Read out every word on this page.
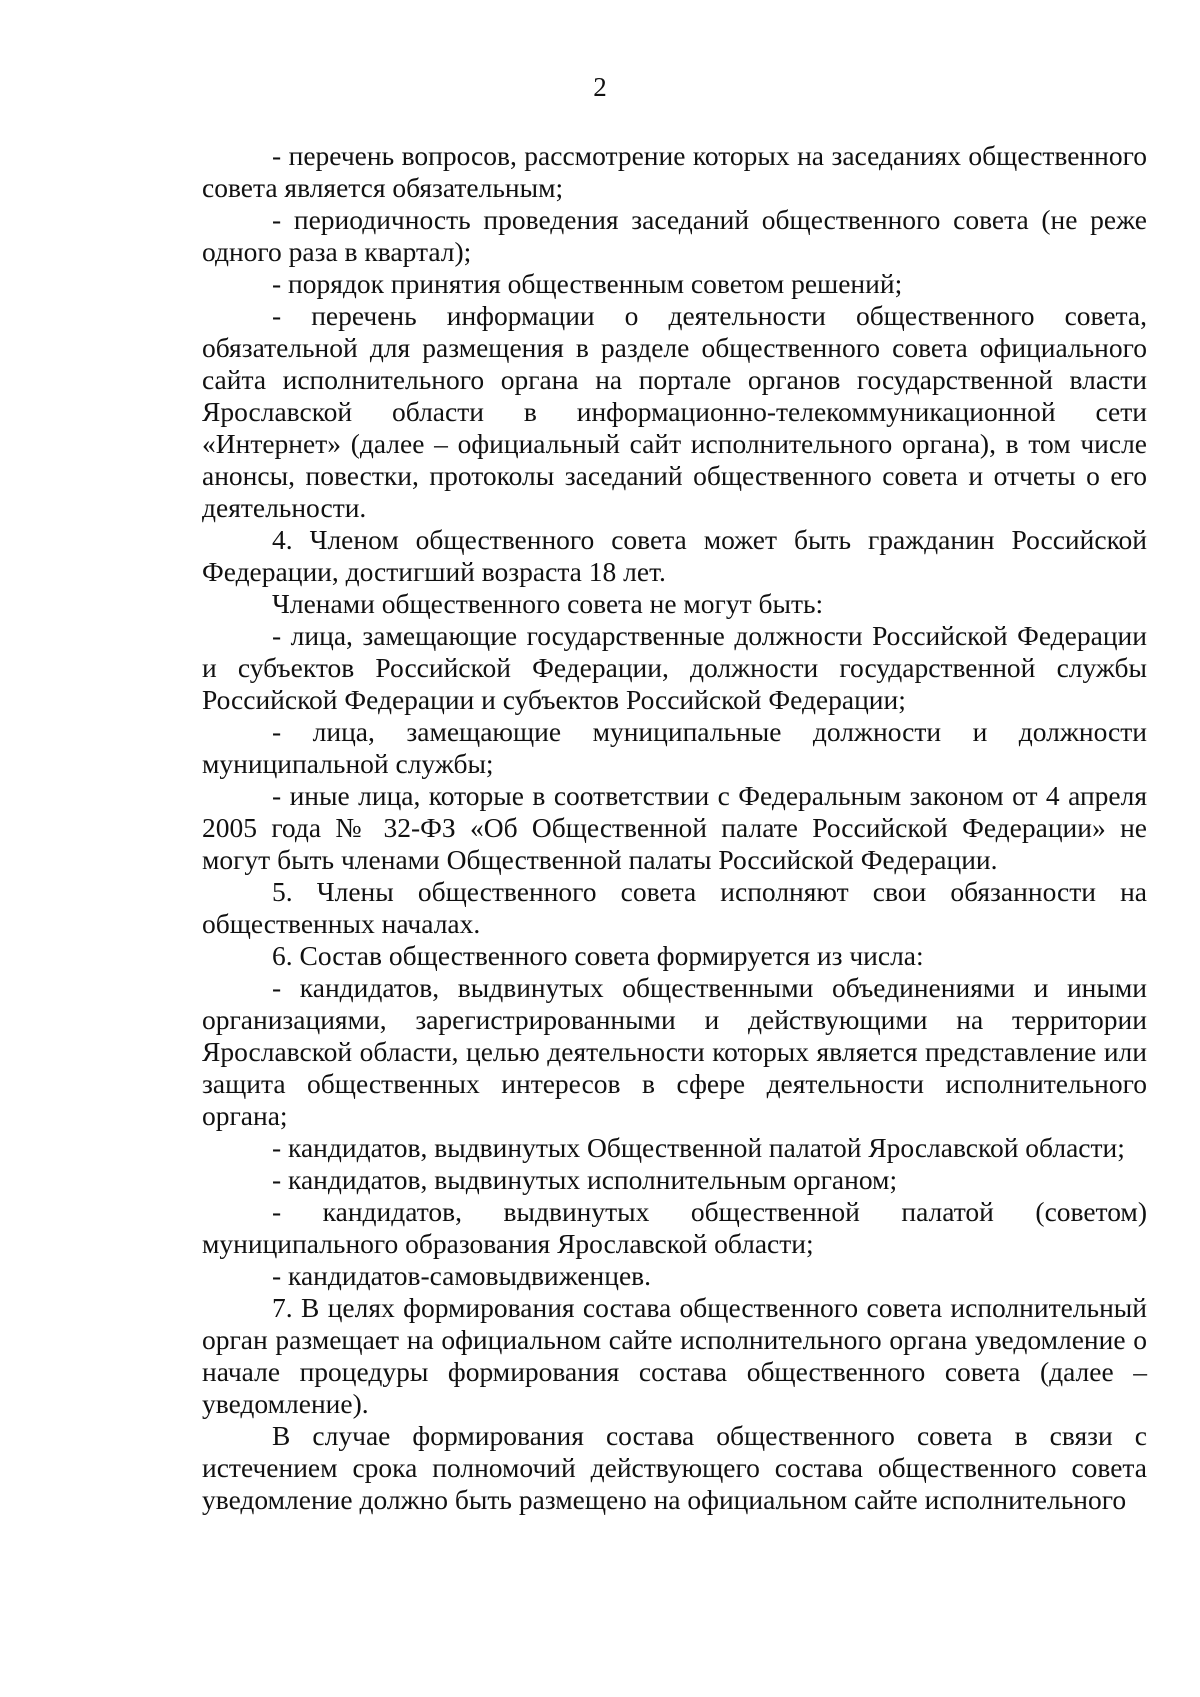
2

- перечень вопросов, рассмотрение которых на заседаниях общественного совета является обязательным;

- периодичность проведения заседаний общественного совета (не реже одного раза в квартал);

- порядок принятия общественным советом решений;

- перечень информации о деятельности общественного совета, обязательной для размещения в разделе общественного совета официального сайта исполнительного органа на портале органов государственной власти Ярославской области в информационно-телекоммуникационной сети «Интернет» (далее – официальный сайт исполнительного органа), в том числе анонсы, повестки, протоколы заседаний общественного совета и отчеты о его деятельности.

4. Членом общественного совета может быть гражданин Российской Федерации, достигший возраста 18 лет.

Членами общественного совета не могут быть:

- лица, замещающие государственные должности Российской Федерации и субъектов Российской Федерации, должности государственной службы Российской Федерации и субъектов Российской Федерации;

- лица, замещающие муниципальные должности и должности муниципальной службы;

- иные лица, которые в соответствии с Федеральным законом от 4 апреля 2005 года № 32-ФЗ «Об Общественной палате Российской Федерации» не могут быть членами Общественной палаты Российской Федерации.

5. Члены общественного совета исполняют свои обязанности на общественных началах.

6. Состав общественного совета формируется из числа:

- кандидатов, выдвинутых общественными объединениями и иными организациями, зарегистрированными и действующими на территории Ярославской области, целью деятельности которых является представление или защита общественных интересов в сфере деятельности исполнительного органа;

- кандидатов, выдвинутых Общественной палатой Ярославской области;

- кандидатов, выдвинутых исполнительным органом;

- кандидатов, выдвинутых общественной палатой (советом) муниципального образования Ярославской области;

- кандидатов-самовыдвиженцев.

7. В целях формирования состава общественного совета исполнительный орган размещает на официальном сайте исполнительного органа уведомление о начале процедуры формирования состава общественного совета (далее – уведомление).

В случае формирования состава общественного совета в связи с истечением срока полномочий действующего состава общественного совета уведомление должно быть размещено на официальном сайте исполнительного
